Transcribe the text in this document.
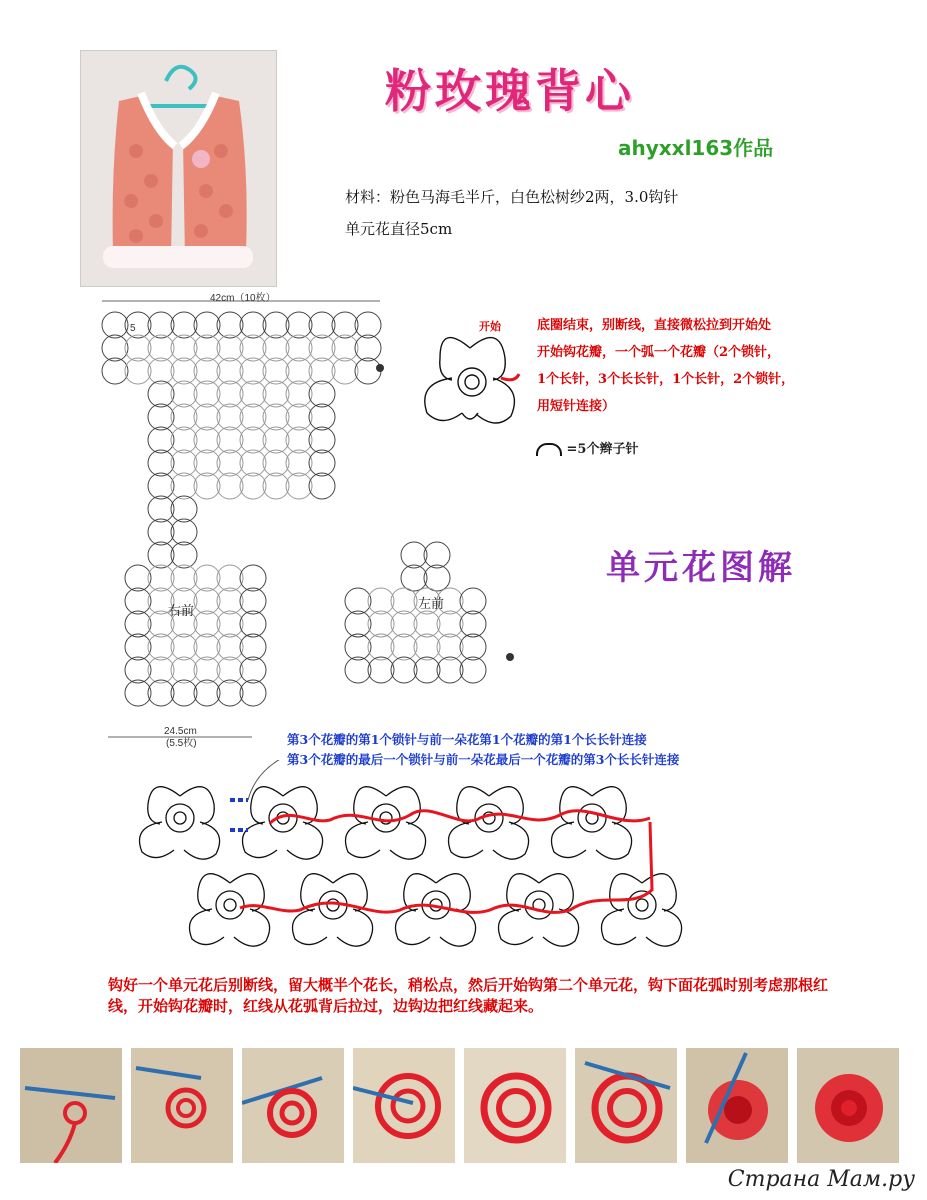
粉玫瑰背心
ahyxxl163作品
材料：粉色马海毛半斤，白色松树纱2两，3.0钩针
单元花直径5cm
42cm（10枚）
5
右前	左前
24.5cm
(5.5枚)
开始	底圈结束，别断线，直接微松拉到开始处
开始钩花瓣，一个弧一个花瓣（2个锁针，
1个长针，3个长长针，1个长针，2个锁针，
用短针连接）
=5个辫子针
单元花图解
第3个花瓣的第1个锁针与前一朵花第1个花瓣的第1个长长针连接
第3个花瓣的最后一个锁针与前一朵花最后一个花瓣的第3个长长针连接
钩好一个单元花后别断线，留大概半个花长，稍松点，然后开始钩第二个单元花，钩下面花弧时别考虑那根红线，开始钩花瓣时，红线从花弧背后拉过，边钩边把红线藏起来。
Страна Мам.ру
